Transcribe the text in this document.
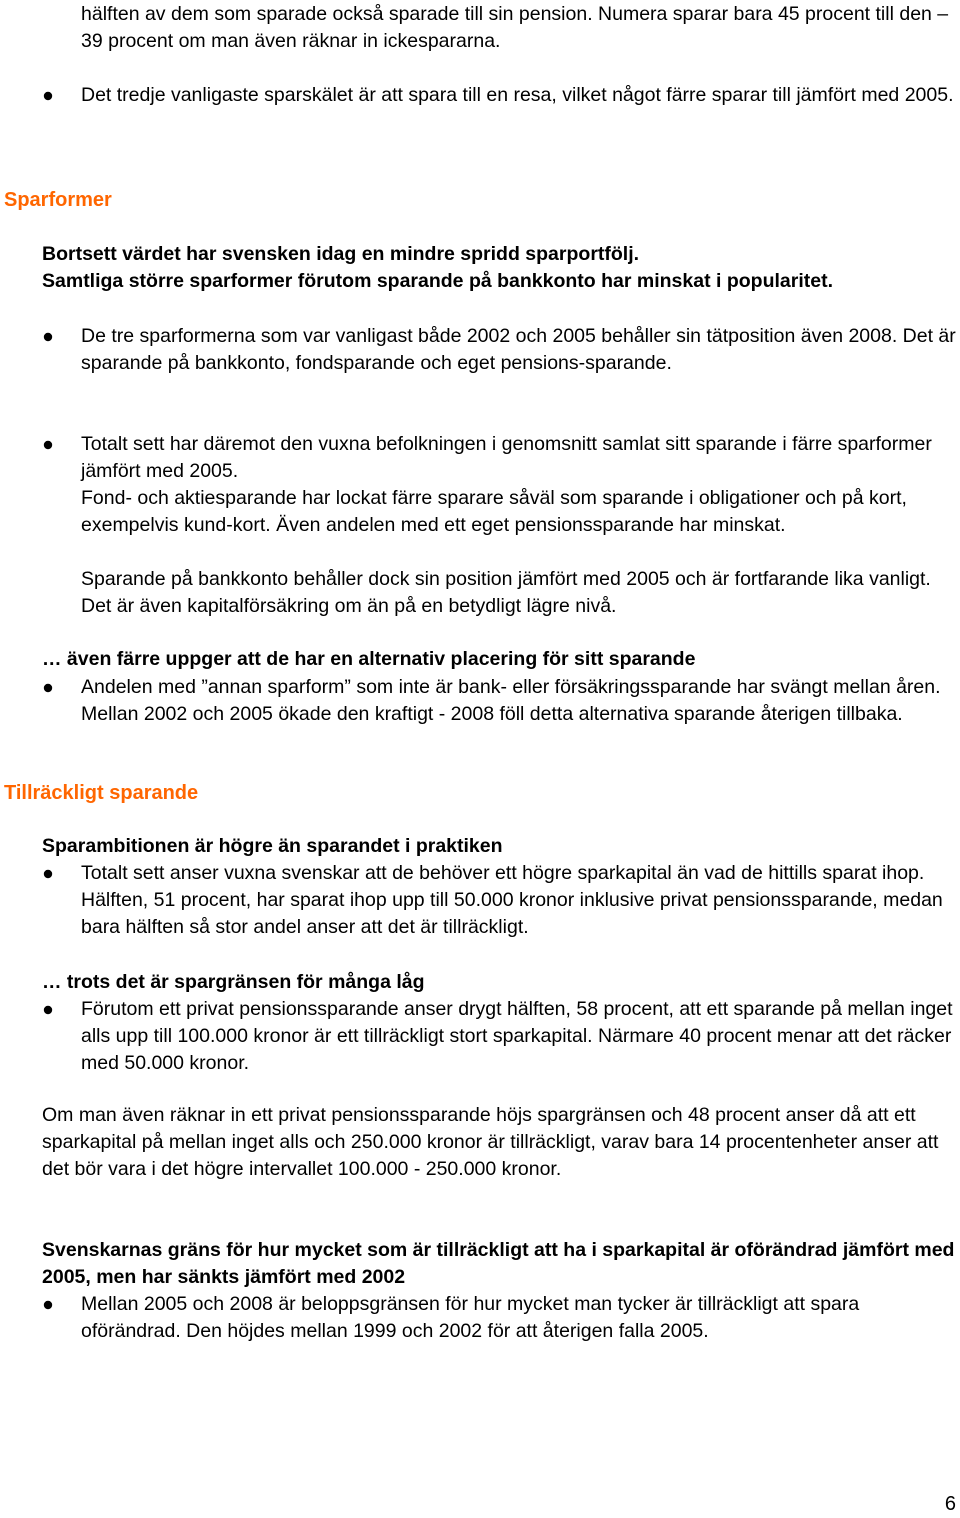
hälften av dem som sparade också sparade till sin pension. Numera sparar bara 45 procent till den – 39 procent om man även räknar in ickespararna.

Det tredje vanligaste sparskälet är att spara till en resa, vilket något färre sparar till jämfört med 2005.

Sparformer

Bortsett värdet har svensken idag en mindre spridd sparportfölj.

Samtliga större sparformer förutom sparande på bankkonto har minskat i popularitet.

De tre sparformerna som var vanligast både 2002 och 2005 behåller sin tätposition även 2008. Det är sparande på bankkonto, fondsparande och eget pensions-sparande.

Totalt sett har däremot den vuxna befolkningen i genomsnitt samlat sitt sparande i färre sparformer jämfört med 2005.

Fond- och aktiesparande har lockat färre sparare såväl som sparande i obligationer och på kort, exempelvis kund-kort. Även andelen med ett eget pensionssparande har minskat.

Sparande på bankkonto behåller dock sin position jämfört med 2005 och är fortfarande lika vanligt. Det är även kapitalförsäkring om än på en betydligt lägre nivå.

… även färre uppger att de har en alternativ placering för sitt sparande

Andelen med ”annan sparform” som inte är bank- eller försäkringssparande har svängt mellan åren. Mellan 2002 och 2005 ökade den kraftigt - 2008 föll detta alternativa sparande återigen tillbaka.

Tillräckligt sparande

Sparambitionen är högre än sparandet i praktiken

Totalt sett anser vuxna svenskar att de behöver ett högre sparkapital än vad de hittills sparat ihop. Hälften, 51 procent, har sparat ihop upp till 50.000 kronor inklusive privat pensionssparande, medan bara hälften så stor andel anser att det är tillräckligt.

… trots det är spargränsen för många låg

Förutom ett privat pensionssparande anser drygt hälften, 58 procent, att ett sparande på mellan inget alls upp till 100.000 kronor är ett tillräckligt stort sparkapital. Närmare 40 procent menar att det räcker med 50.000 kronor.

Om man även räknar in ett privat pensionssparande höjs spargränsen och 48 procent anser då att ett sparkapital på mellan inget alls och 250.000 kronor är tillräckligt, varav bara 14 procentenheter anser att det bör vara i det högre intervallet 100.000 - 250.000 kronor.

Svenskarnas gräns för hur mycket som är tillräckligt att ha i sparkapital är oförändrad jämfört med 2005, men har sänkts jämfört med 2002

Mellan 2005 och 2008 är beloppsgränsen för hur mycket man tycker är tillräckligt att spara oförändrad. Den höjdes mellan 1999 och 2002 för att återigen falla 2005.

6
